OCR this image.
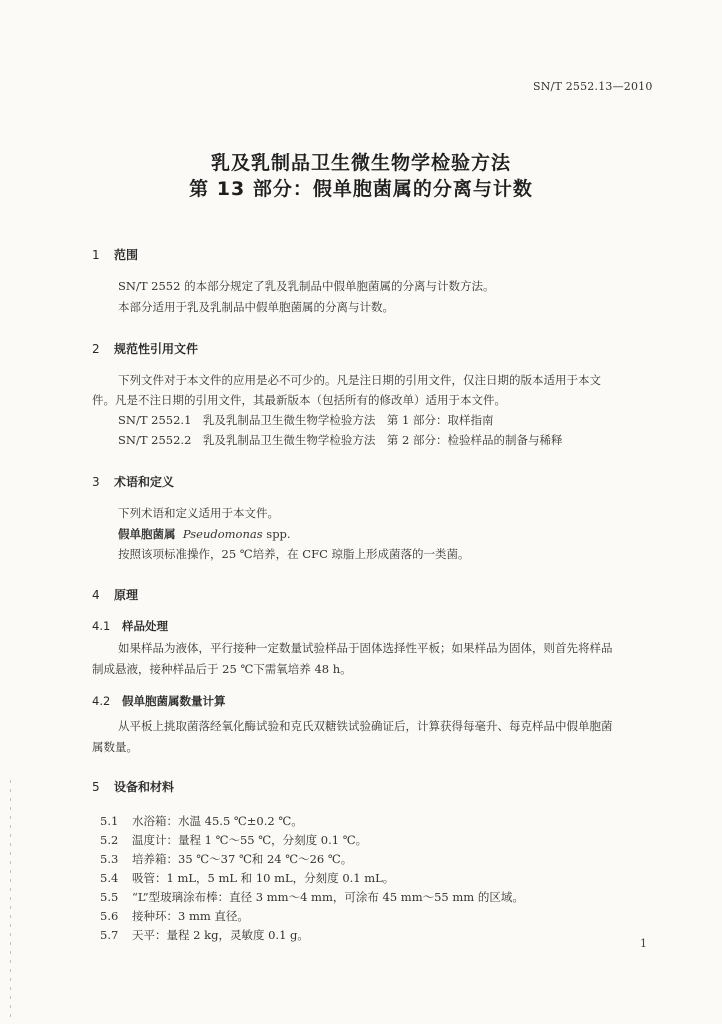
SN/T 2552.13—2010
乳及乳制品卫生微生物学检验方法
第 13 部分：假单胞菌属的分离与计数
1 范围
SN/T 2552 的本部分规定了乳及乳制品中假单胞菌属的分离与计数方法。
本部分适用于乳及乳制品中假单胞菌属的分离与计数。
2 规范性引用文件
下列文件对于本文件的应用是必不可少的。凡是注日期的引用文件，仅注日期的版本适用于本文
件。凡是不注日期的引用文件，其最新版本（包括所有的修改单）适用于本文件。
SN/T 2552.1　乳及乳制品卫生微生物学检验方法　第 1 部分：取样指南
SN/T 2552.2　乳及乳制品卫生微生物学检验方法　第 2 部分：检验样品的制备与稀释
3 术语和定义
下列术语和定义适用于本文件。
假单胞菌属 Pseudomonas spp.
按照该项标准操作，25 ℃培养，在 CFC 琼脂上形成菌落的一类菌。
4 原理
4.1 样品处理
如果样品为液体，平行接种一定数量试验样品于固体选择性平板；如果样品为固体，则首先将样品
制成悬液，接种样品后于 25 ℃下需氧培养 48 h。
4.2 假单胞菌属数量计算
从平板上挑取菌落经氧化酶试验和克氏双糖铁试验确证后，计算获得每毫升、每克样品中假单胞菌
属数量。
5 设备和材料
5.1 水浴箱：水温 45.5 ℃±0.2 ℃。
5.2 温度计：量程 1 ℃～55 ℃，分刻度 0.1 ℃。
5.3 培养箱：35 ℃～37 ℃和 24 ℃～26 ℃。
5.4 吸管：1 mL，5 mL 和 10 mL，分刻度 0.1 mL。
5.5 “L”型玻璃涂布棒：直径 3 mm～4 mm，可涂布 45 mm～55 mm 的区域。
5.6 接种环：3 mm 直径。
5.7 天平：量程 2 kg，灵敏度 0.1 g。
1
